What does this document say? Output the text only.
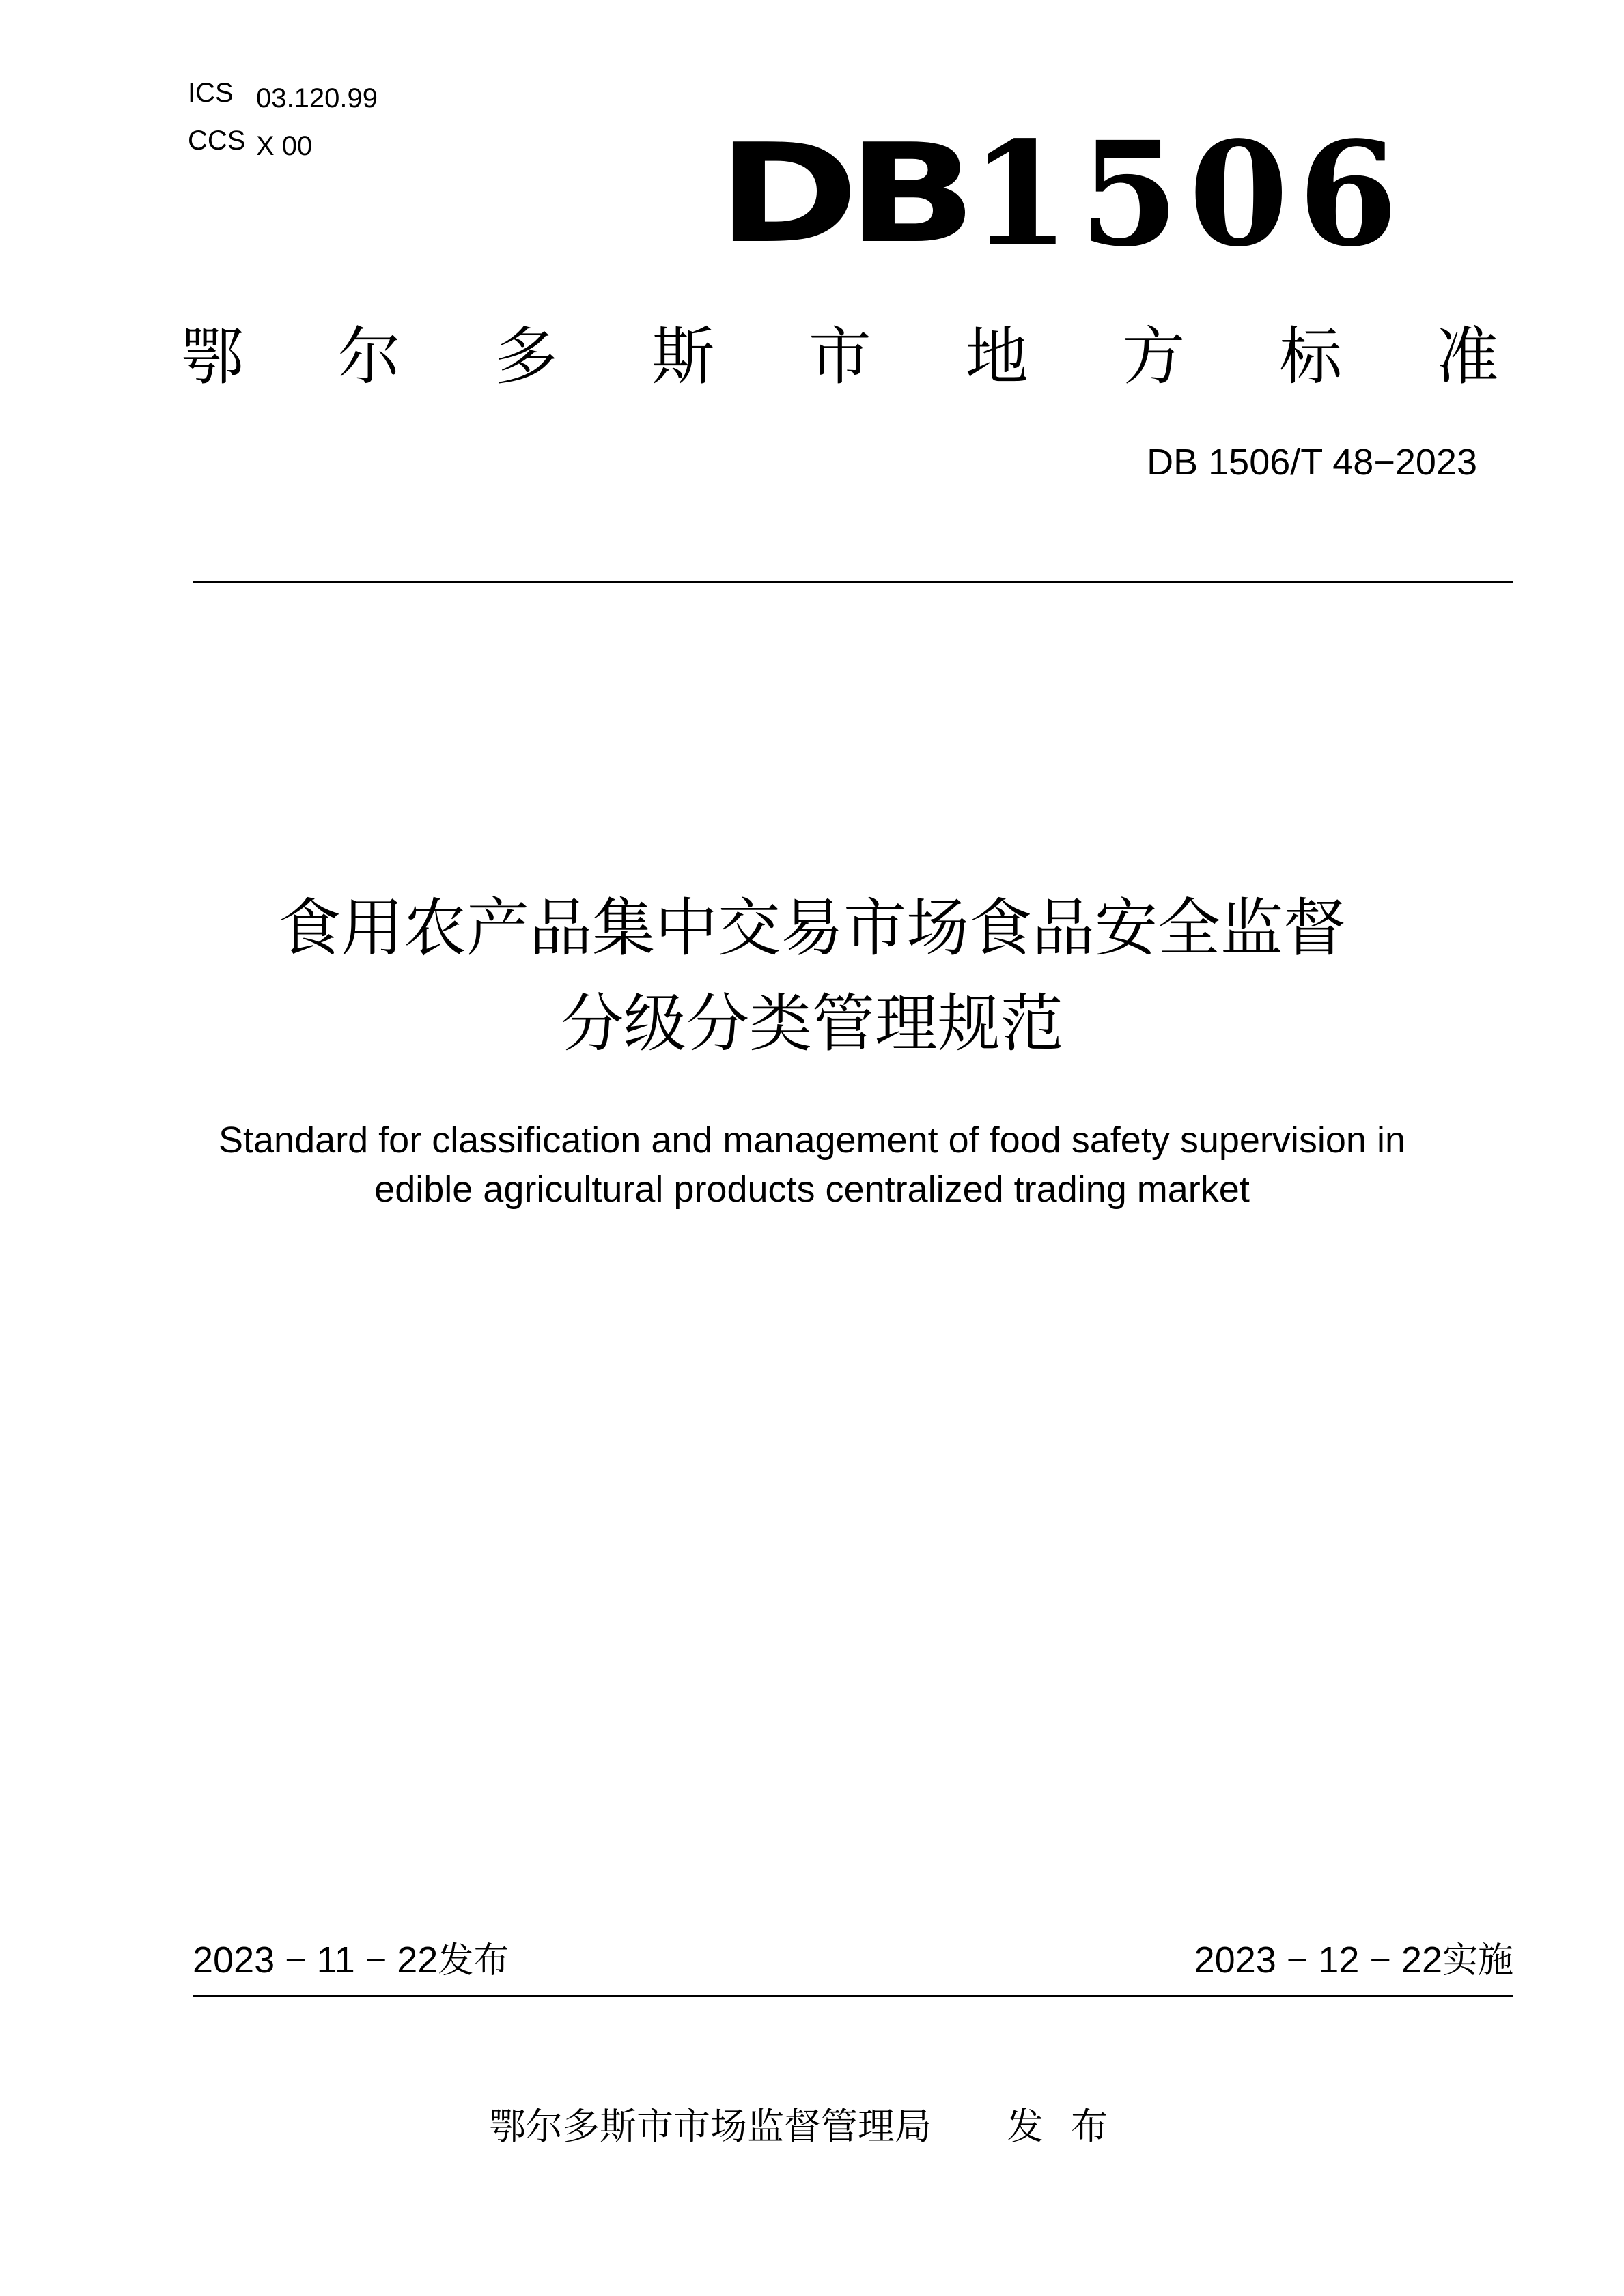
ICS 03.120.99
CCS X 00	DB 1506
鄂 尔 多 斯 市 地 方 标 准
DB 1506/T 48−2023
食用农产品集中交易市场食品安全监督
分级分类管理规范
Standard for classification and management of food safety supervision in
edible agricultural products centralized trading market
2023 − 11 − 22发布	2023 − 12 − 22实施
鄂尔多斯市市场监督管理局 发布
